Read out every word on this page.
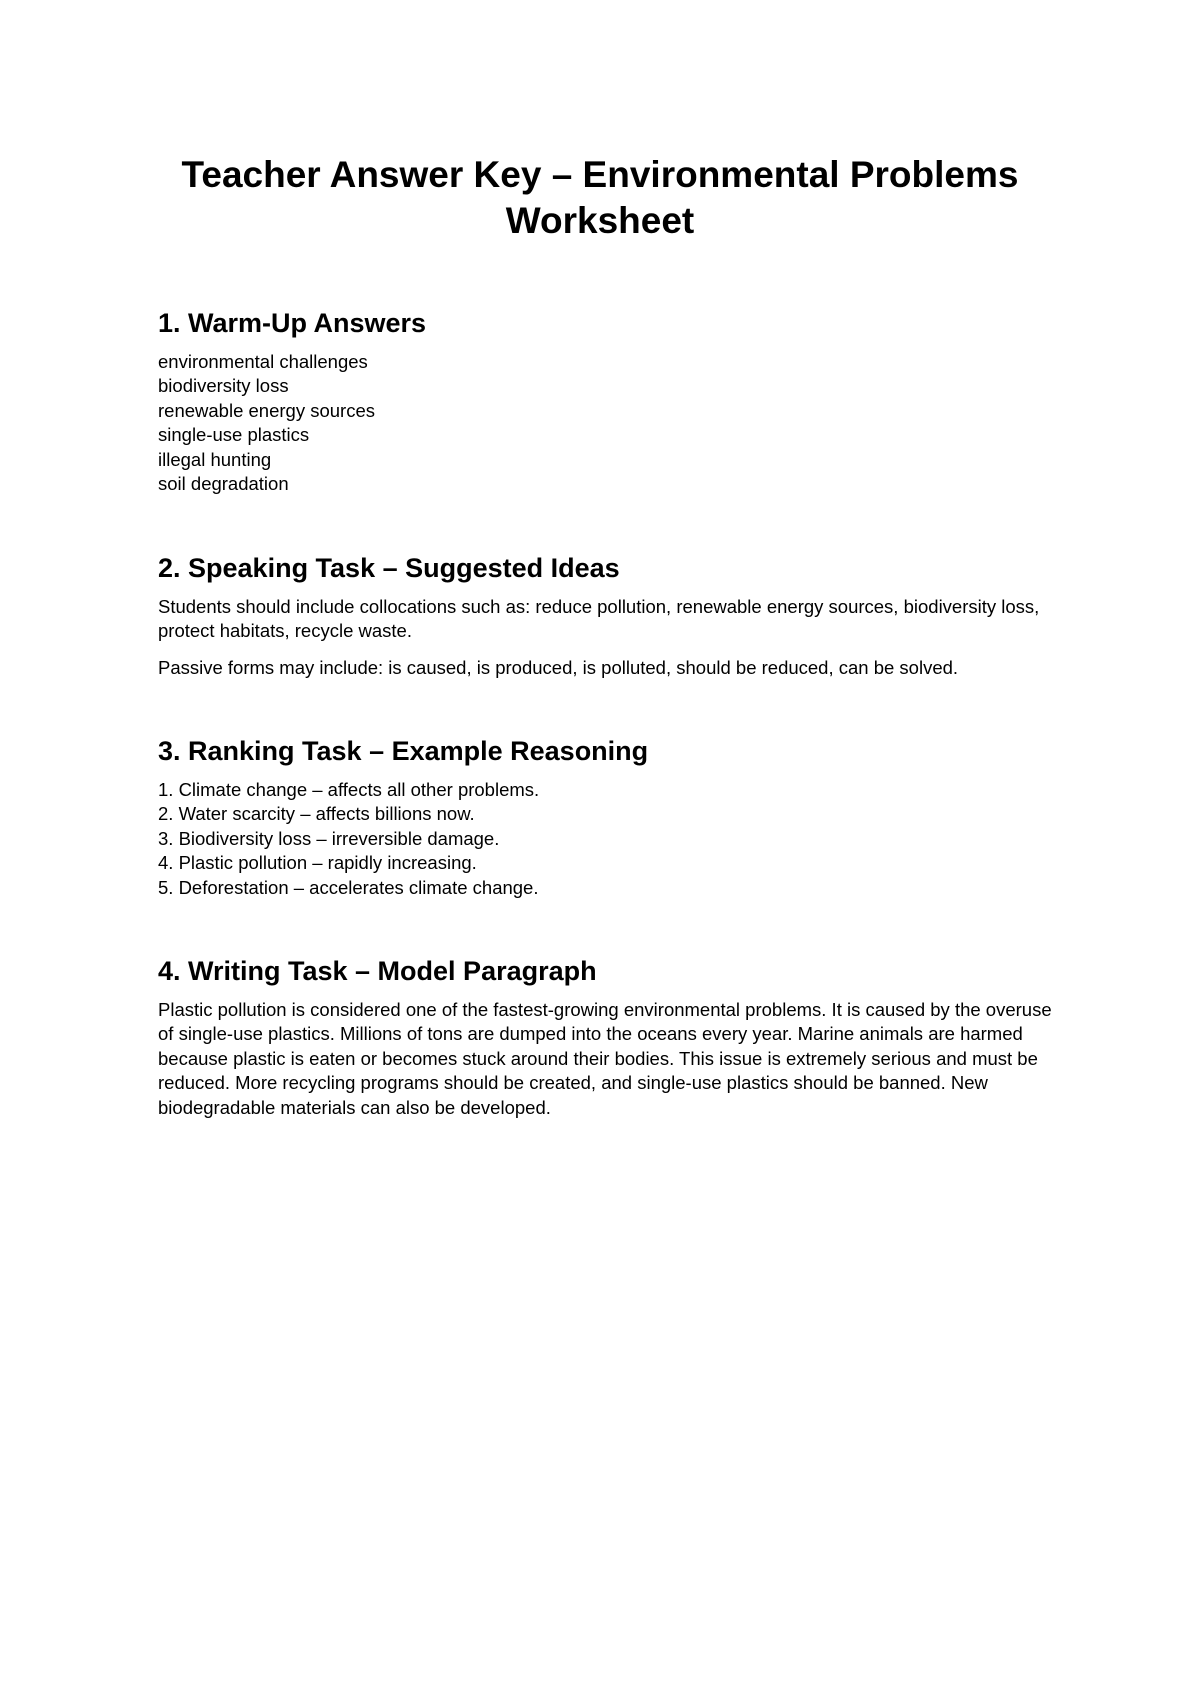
Teacher Answer Key – Environmental Problems Worksheet
1. Warm-Up Answers
environmental challenges
biodiversity loss
renewable energy sources
single-use plastics
illegal hunting
soil degradation
2. Speaking Task – Suggested Ideas

Students should include collocations such as: reduce pollution, renewable energy sources, biodiversity loss, protect habitats, recycle waste.

Passive forms may include: is caused, is produced, is polluted, should be reduced, can be solved.

3. Ranking Task – Example Reasoning
1. Climate change – affects all other problems.
2. Water scarcity – affects billions now.
3. Biodiversity loss – irreversible damage.
4. Plastic pollution – rapidly increasing.
5. Deforestation – accelerates climate change.
4. Writing Task – Model Paragraph

Plastic pollution is considered one of the fastest-growing environmental problems. It is caused by the overuse of single-use plastics. Millions of tons are dumped into the oceans every year. Marine animals are harmed because plastic is eaten or becomes stuck around their bodies. This issue is extremely serious and must be reduced. More recycling programs should be created, and single-use plastics should be banned. New biodegradable materials can also be developed.
